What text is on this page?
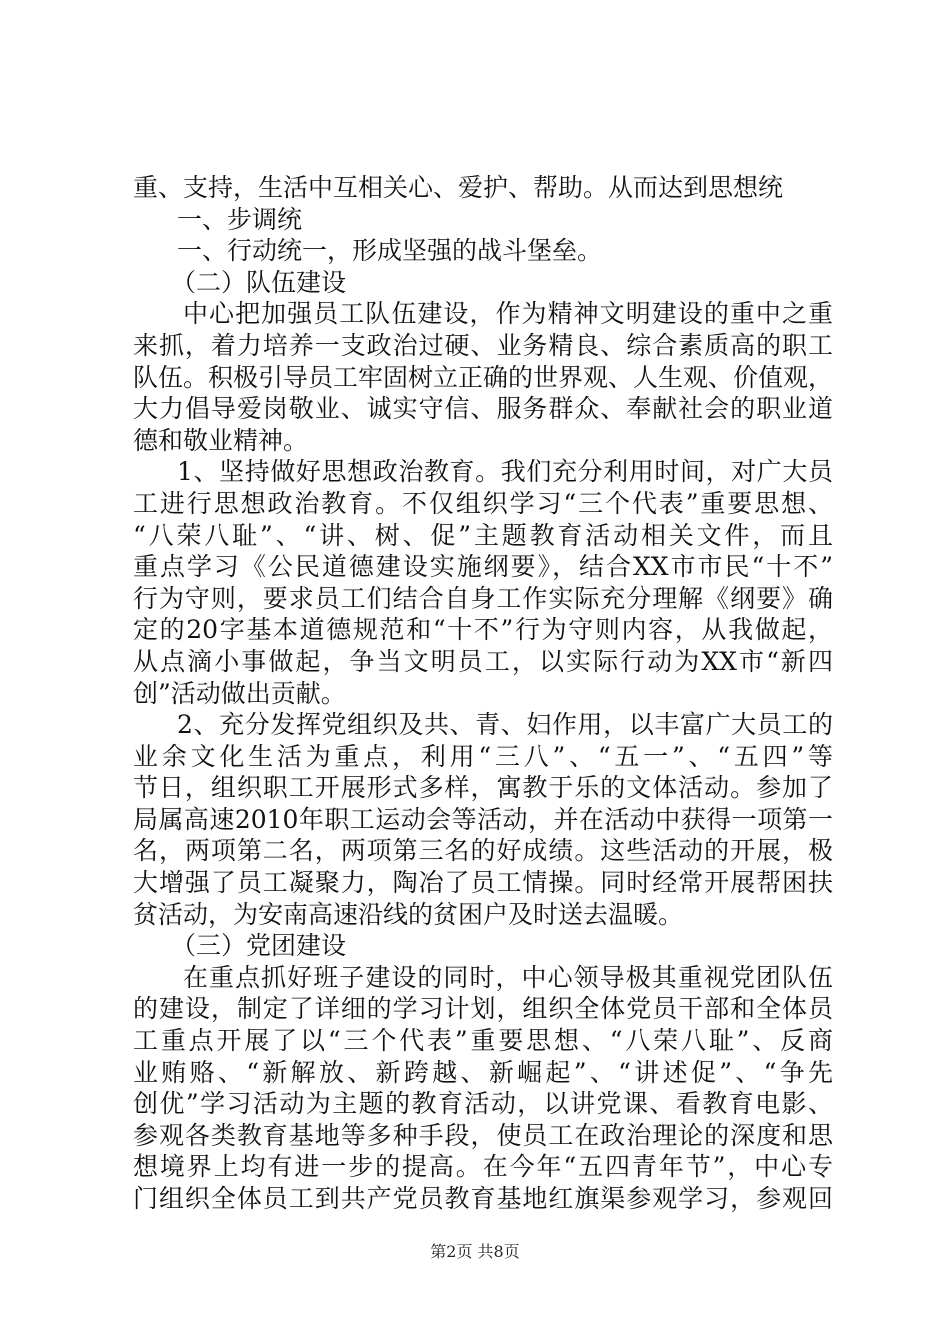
重、支持，生活中互相关心、爱护、帮助。从而达到思想统
一、步调统
一、行动统一，形成坚强的战斗堡垒。
（二）队伍建设
中心把加强员工队伍建设，作为精神文明建设的重中之重
来抓，着力培养一支政治过硬、业务精良、综合素质高的职工
队伍。积极引导员工牢固树立正确的世界观、人生观、价值观，
大力倡导爱岗敬业、诚实守信、服务群众、奉献社会的职业道
德和敬业精神。
1、坚持做好思想政治教育。我们充分利用时间，对广大员
工进行思想政治教育。不仅组织学习“三个代表”重要思想、
“八荣八耻”、“讲、树、促”主题教育活动相关文件，而且
重点学习《公民道德建设实施纲要》，结合XX市市民“十不”
行为守则，要求员工们结合自身工作实际充分理解《纲要》确
定的20字基本道德规范和“十不”行为守则内容，从我做起，
从点滴小事做起，争当文明员工，以实际行动为XX市“新四
创”活动做出贡献。
2、充分发挥党组织及共、青、妇作用，以丰富广大员工的
业余文化生活为重点，利用“三八”、“五一”、“五四”等
节日，组织职工开展形式多样，寓教于乐的文体活动。参加了
局属高速2010年职工运动会等活动，并在活动中获得一项第一
名，两项第二名，两项第三名的好成绩。这些活动的开展，极
大增强了员工凝聚力，陶冶了员工情操。同时经常开展帮困扶
贫活动，为安南高速沿线的贫困户及时送去温暖。
（三）党团建设
在重点抓好班子建设的同时，中心领导极其重视党团队伍
的建设，制定了详细的学习计划，组织全体党员干部和全体员
工重点开展了以“三个代表”重要思想、“八荣八耻”、反商
业贿赂、“新解放、新跨越、新崛起”、“讲述促”、“争先
创优”学习活动为主题的教育活动，以讲党课、看教育电影、
参观各类教育基地等多种手段，使员工在政治理论的深度和思
想境界上均有进一步的提高。在今年“五四青年节”，中心专
门组织全体员工到共产党员教育基地红旗渠参观学习，参观回
第2页 共8页
